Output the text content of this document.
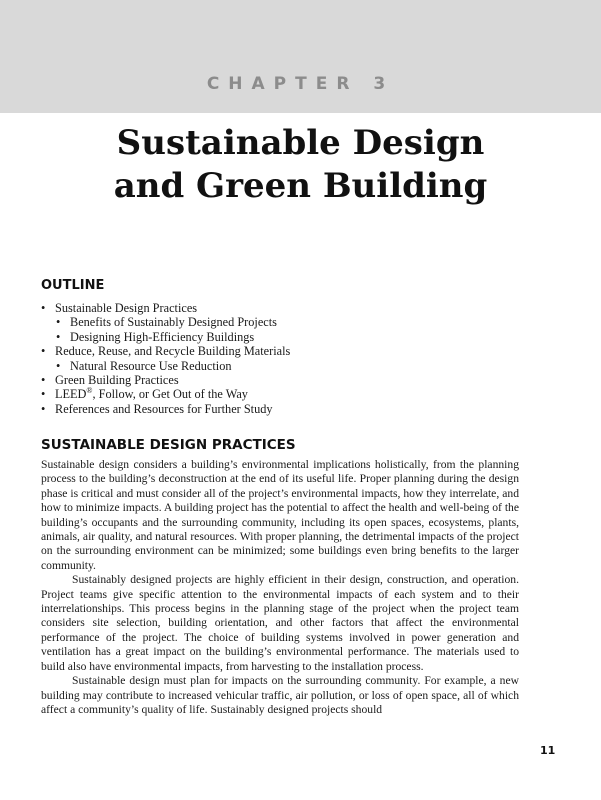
CHAPTER 3
Sustainable Design
and Green Building
OUTLINE
• Sustainable Design Practices
• Benefits of Sustainably Designed Projects
• Designing High-Efficiency Buildings
• Reduce, Reuse, and Recycle Building Materials
• Natural Resource Use Reduction
• Green Building Practices
• LEED®, Follow, or Get Out of the Way
• References and Resources for Further Study
SUSTAINABLE DESIGN PRACTICES

Sustainable design considers a building’s environmental implications holistically, from the planning process to the building’s deconstruction at the end of its useful life. Proper planning during the design phase is critical and must consider all of the project’s environmental impacts, how they interrelate, and how to minimize impacts. A building project has the potential to affect the health and well-being of the building’s occupants and the surrounding community, including its open spaces, ecosystems, plants, animals, air quality, and natural resources. With proper planning, the detrimental impacts of the project on the surrounding environment can be minimized; some buildings even bring benefits to the larger community.

Sustainably designed projects are highly efficient in their design, construction, and operation. Project teams give specific attention to the environmental impacts of each system and to their interrelationships. This process begins in the planning stage of the project when the project team considers site selection, building orientation, and other factors that affect the environmental performance of the project. The choice of building systems involved in power generation and ventilation has a great impact on the building’s environmental performance. The materials used to build also have environmental impacts, from harvesting to the installation process.

Sustainable design must plan for impacts on the surrounding community. For example, a new building may contribute to increased vehicular traffic, air pollution, or loss of open space, all of which affect a community’s quality of life. Sustainably designed projects should

11
